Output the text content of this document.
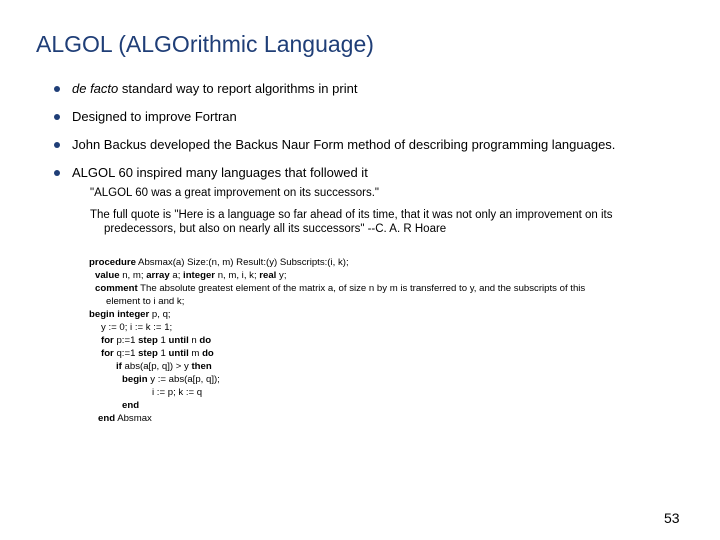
ALGOL (ALGOrithmic Language)
de facto standard way to report algorithms in print
Designed to improve Fortran
John Backus developed the Backus Naur Form method of describing programming languages.
ALGOL 60 inspired many languages that followed it
"ALGOL 60 was a great improvement on its successors."
The full quote is "Here is a language so far ahead of its time, that it was not only an improvement on its
predecessors, but also on nearly all its successors" --C. A. R Hoare
procedure Absmax(a) Size:(n, m) Result:(y) Subscripts:(i, k);
value n, m; array a; integer n, m, i, k; real y;
comment The absolute greatest element of the matrix a, of size n by m is transferred to y, and the subscripts of this
element to i and k;
begin integer p, q;
y := 0; i := k := 1;
for p:=1 step 1 until n do
for q:=1 step 1 until m do
if abs(a[p, q]) > y then
begin y := abs(a[p, q]);
i := p; k := q
end
end Absmax
53
